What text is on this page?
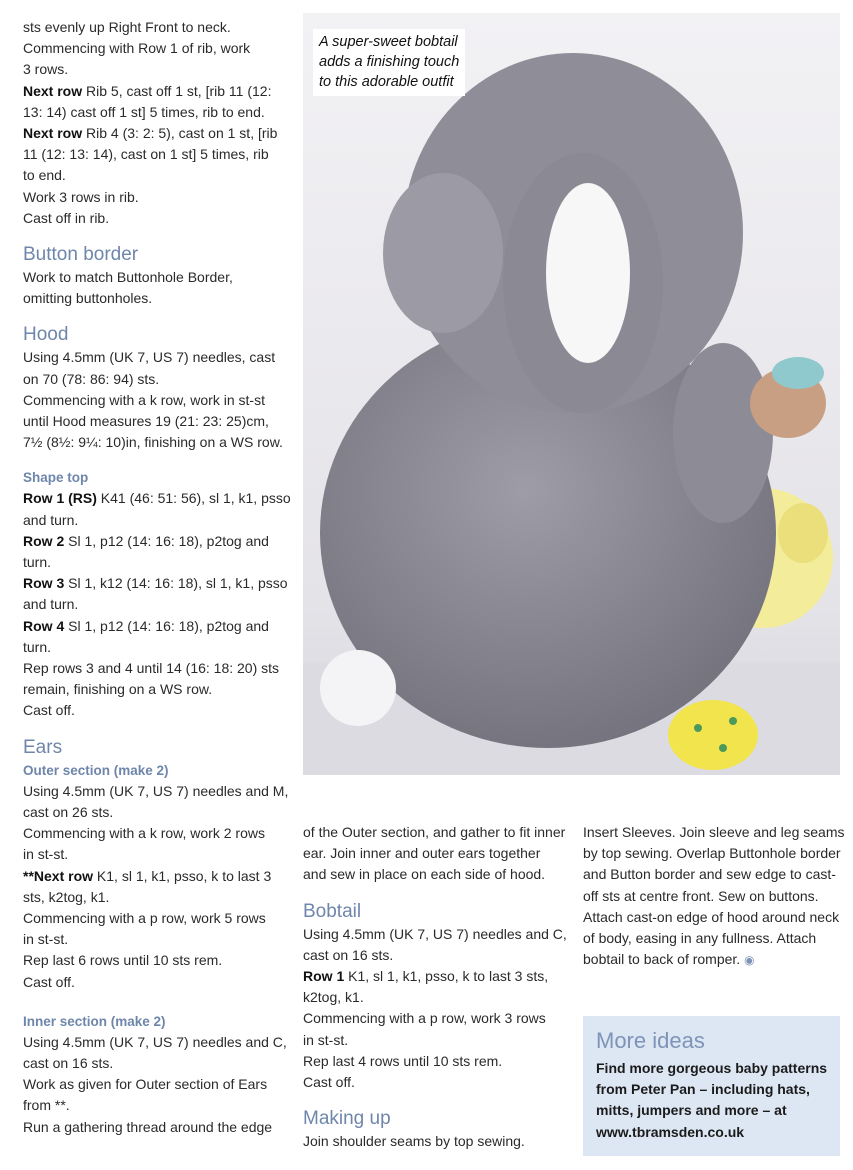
sts evenly up Right Front to neck.

Commencing with Row 1 of rib, work

3 rows.

Next row Rib 5, cast off 1 st, [rib 11 (12:

13: 14) cast off 1 st] 5 times, rib to end.

Next row Rib 4 (3: 2: 5), cast on 1 st, [rib

11 (12: 13: 14), cast on 1 st] 5 times, rib

to end.

Work 3 rows in rib.

Cast off in rib.

Button border

Work to match Buttonhole Border,

omitting buttonholes.

Hood

Using 4.5mm (UK 7, US 7) needles, cast

on 70 (78: 86: 94) sts.

Commencing with a k row, work in st-st

until Hood measures 19 (21: 23: 25)cm,

7½ (8½: 9¼: 10)in, finishing on a WS row.

Shape top

Row 1 (RS) K41 (46: 51: 56), sl 1, k1, psso

and turn.

Row 2 Sl 1, p12 (14: 16: 18), p2tog and

turn.

Row 3 Sl 1, k12 (14: 16: 18), sl 1, k1, psso

and turn.

Row 4 Sl 1, p12 (14: 16: 18), p2tog and

turn.

Rep rows 3 and 4 until 14 (16: 18: 20) sts

remain, finishing on a WS row.

Cast off.

Ears
Outer section (make 2)

Using 4.5mm (UK 7, US 7) needles and M,

cast on 26 sts.

Commencing with a k row, work 2 rows

in st-st.

**Next row K1, sl 1, k1, psso, k to last 3

sts, k2tog, k1.

Commencing with a p row, work 5 rows

in st-st.

Rep last 6 rows until 10 sts rem.

Cast off.

Inner section (make 2)

Using 4.5mm (UK 7, US 7) needles and C,

cast on 16 sts.

Work as given for Outer section of Ears

from **.

Run a gathering thread around the edge

A super-sweet bobtail
adds a finishing touch
to this adorable outfit

of the Outer section, and gather to fit inner

ear. Join inner and outer ears together

and sew in place on each side of hood.

Bobtail

Using 4.5mm (UK 7, US 7) needles and C,

cast on 16 sts.

Row 1 K1, sl 1, k1, psso, k to last 3 sts,

k2tog, k1.

Commencing with a p row, work 3 rows

in st-st.

Rep last 4 rows until 10 sts rem.

Cast off.

Making up

Join shoulder seams by top sewing.

Insert Sleeves. Join sleeve and leg seams

by top sewing. Overlap Buttonhole border

and Button border and sew edge to cast-

off sts at centre front. Sew on buttons.

Attach cast-on edge of hood around neck

of body, easing in any fullness. Attach

bobtail to back of romper. ◉

More ideas

Find more gorgeous baby patterns

from Peter Pan – including hats,

mitts, jumpers and more – at

www.tbramsden.co.uk
